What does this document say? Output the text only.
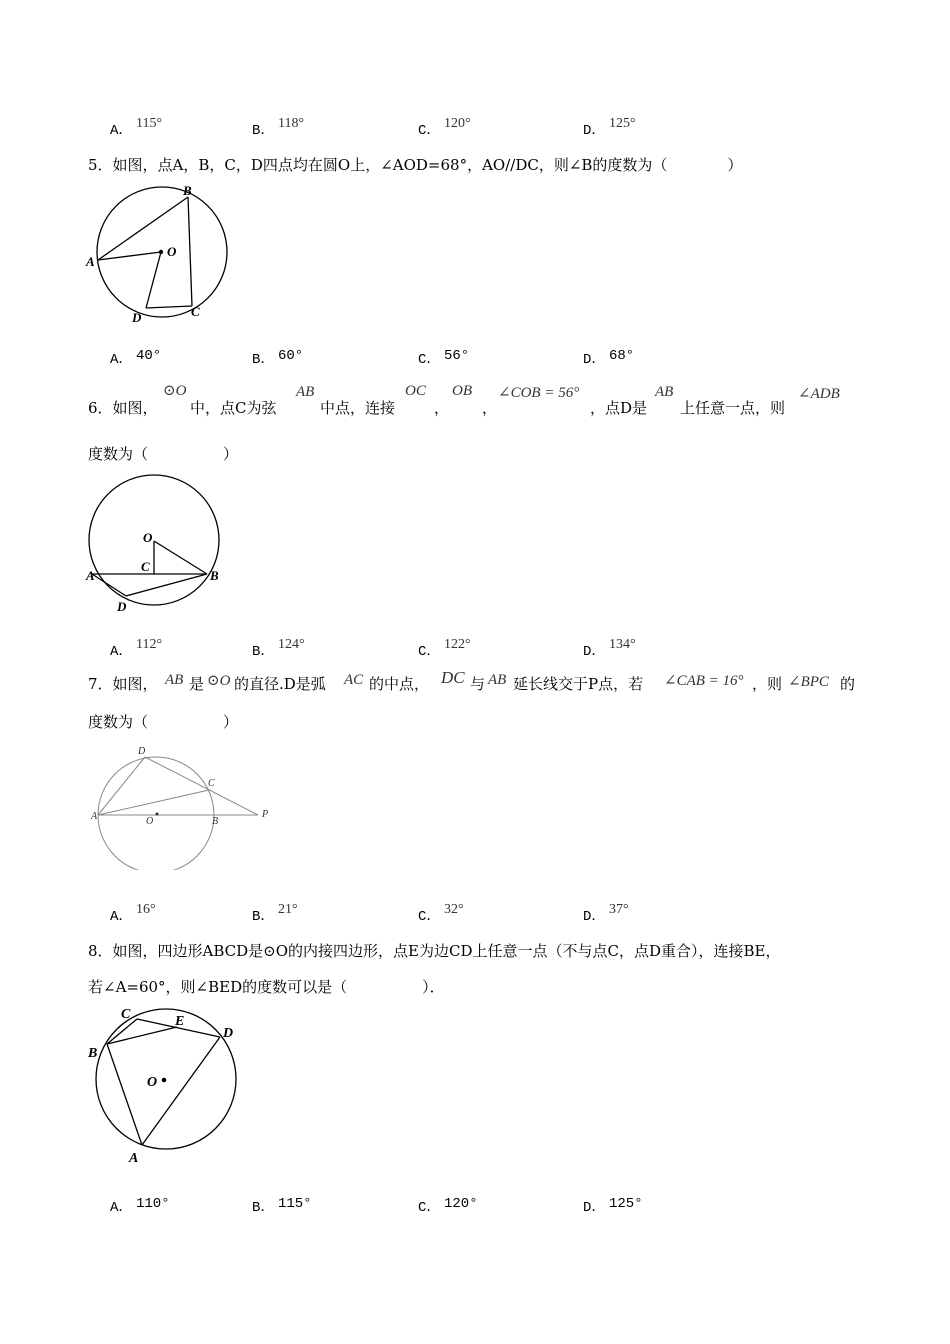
A． 115°	B． 118°	C． 120°	D． 125°
5．如图，点A，B，C，D四点均在圆O上，∠AOD=68°，AO//DC，则∠B的度数为（　　　　）
B
A
O
D	C
A． 40°	B． 60°	C． 56°	D． 68°
6．如图，
⊙O
中，点C为弦
AB
中点，连接
OC
，
OB
，
∠COB = 56°
，点D是
AB
上任意一点，则
∠ADB
度数为（　　　　　）
O
C
A	B
D
A． 112°	B． 124°	C． 122°	D． 134°
7．如图， AB 是 ⊙O 的直径.D是弧 AC 的中点， DC 与 AB 延长线交于P点，若 ∠CAB = 16° ，则 ∠BPC 的
度数为（　　　　　）
D
C
A	O	B
P
A． 16°	B． 21°	C． 32°	D． 37°
8．如图，四边形ABCD是⊙O的内接四边形，点E为边CD上任意一点（不与点C，点D重合），连接BE，
若∠A=60°，则∠BED的度数可以是（　　　　　）．
C	E
D
B
O
A
A． 110°	B． 115°	C． 120°	D． 125°
